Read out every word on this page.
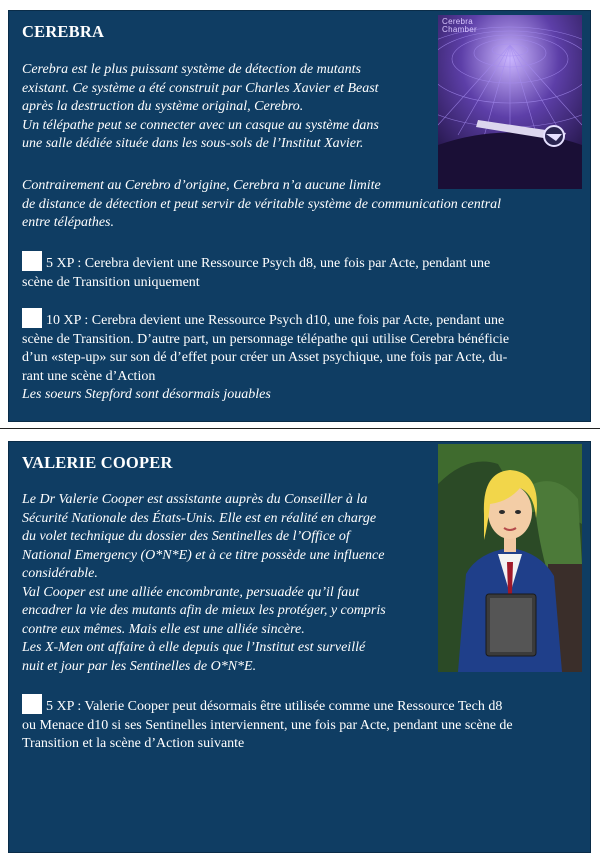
CEREBRA
Cerebra
Chamber
Cerebra est le plus puissant système de détection de mutants
existant. Ce système a été construit par Charles Xavier et Beast
après la destruction du système original, Cerebro.
Un télépathe peut se connecter avec un casque au système dans
une salle dédiée située dans les sous-sols de l’Institut Xavier.
Contrairement au Cerebro d’origine, Cerebra n’a aucune limite
de distance de détection et peut servir de véritable système de communication central
entre télépathes.
5 XP : Cerebra devient une Ressource Psych d8, une fois par Acte, pendant une
scène de Transition uniquement
10 XP : Cerebra devient une Ressource Psych d10, une fois par Acte, pendant une
scène de Transition. D’autre part, un personnage télépathe qui utilise Cerebra bénéficie
d’un «step-up» sur son dé d’effet pour créer un Asset psychique, une fois par Acte, du-
rant une scène d’Action
Les soeurs Stepford sont désormais jouables
VALERIE COOPER
Le Dr Valerie Cooper est assistante auprès du Conseiller à la
Sécurité Nationale des États-Unis. Elle est en réalité en charge
du volet technique du dossier des Sentinelles de l’Office of
National Emergency (O*N*E) et à ce titre possède une influence
considérable.
Val Cooper est une alliée encombrante, persuadée qu’il faut
encadrer la vie des mutants afin de mieux les protéger, y compris
contre eux mêmes. Mais elle est une alliée sincère.
Les X-Men ont affaire à elle depuis que l’Institut est surveillé
nuit et jour par les Sentinelles de O*N*E.
5 XP : Valerie Cooper peut désormais être utilisée comme une Ressource Tech d8
ou Menace d10 si ses Sentinelles interviennent, une fois par Acte, pendant une scène de
Transition et la scène d’Action suivante
